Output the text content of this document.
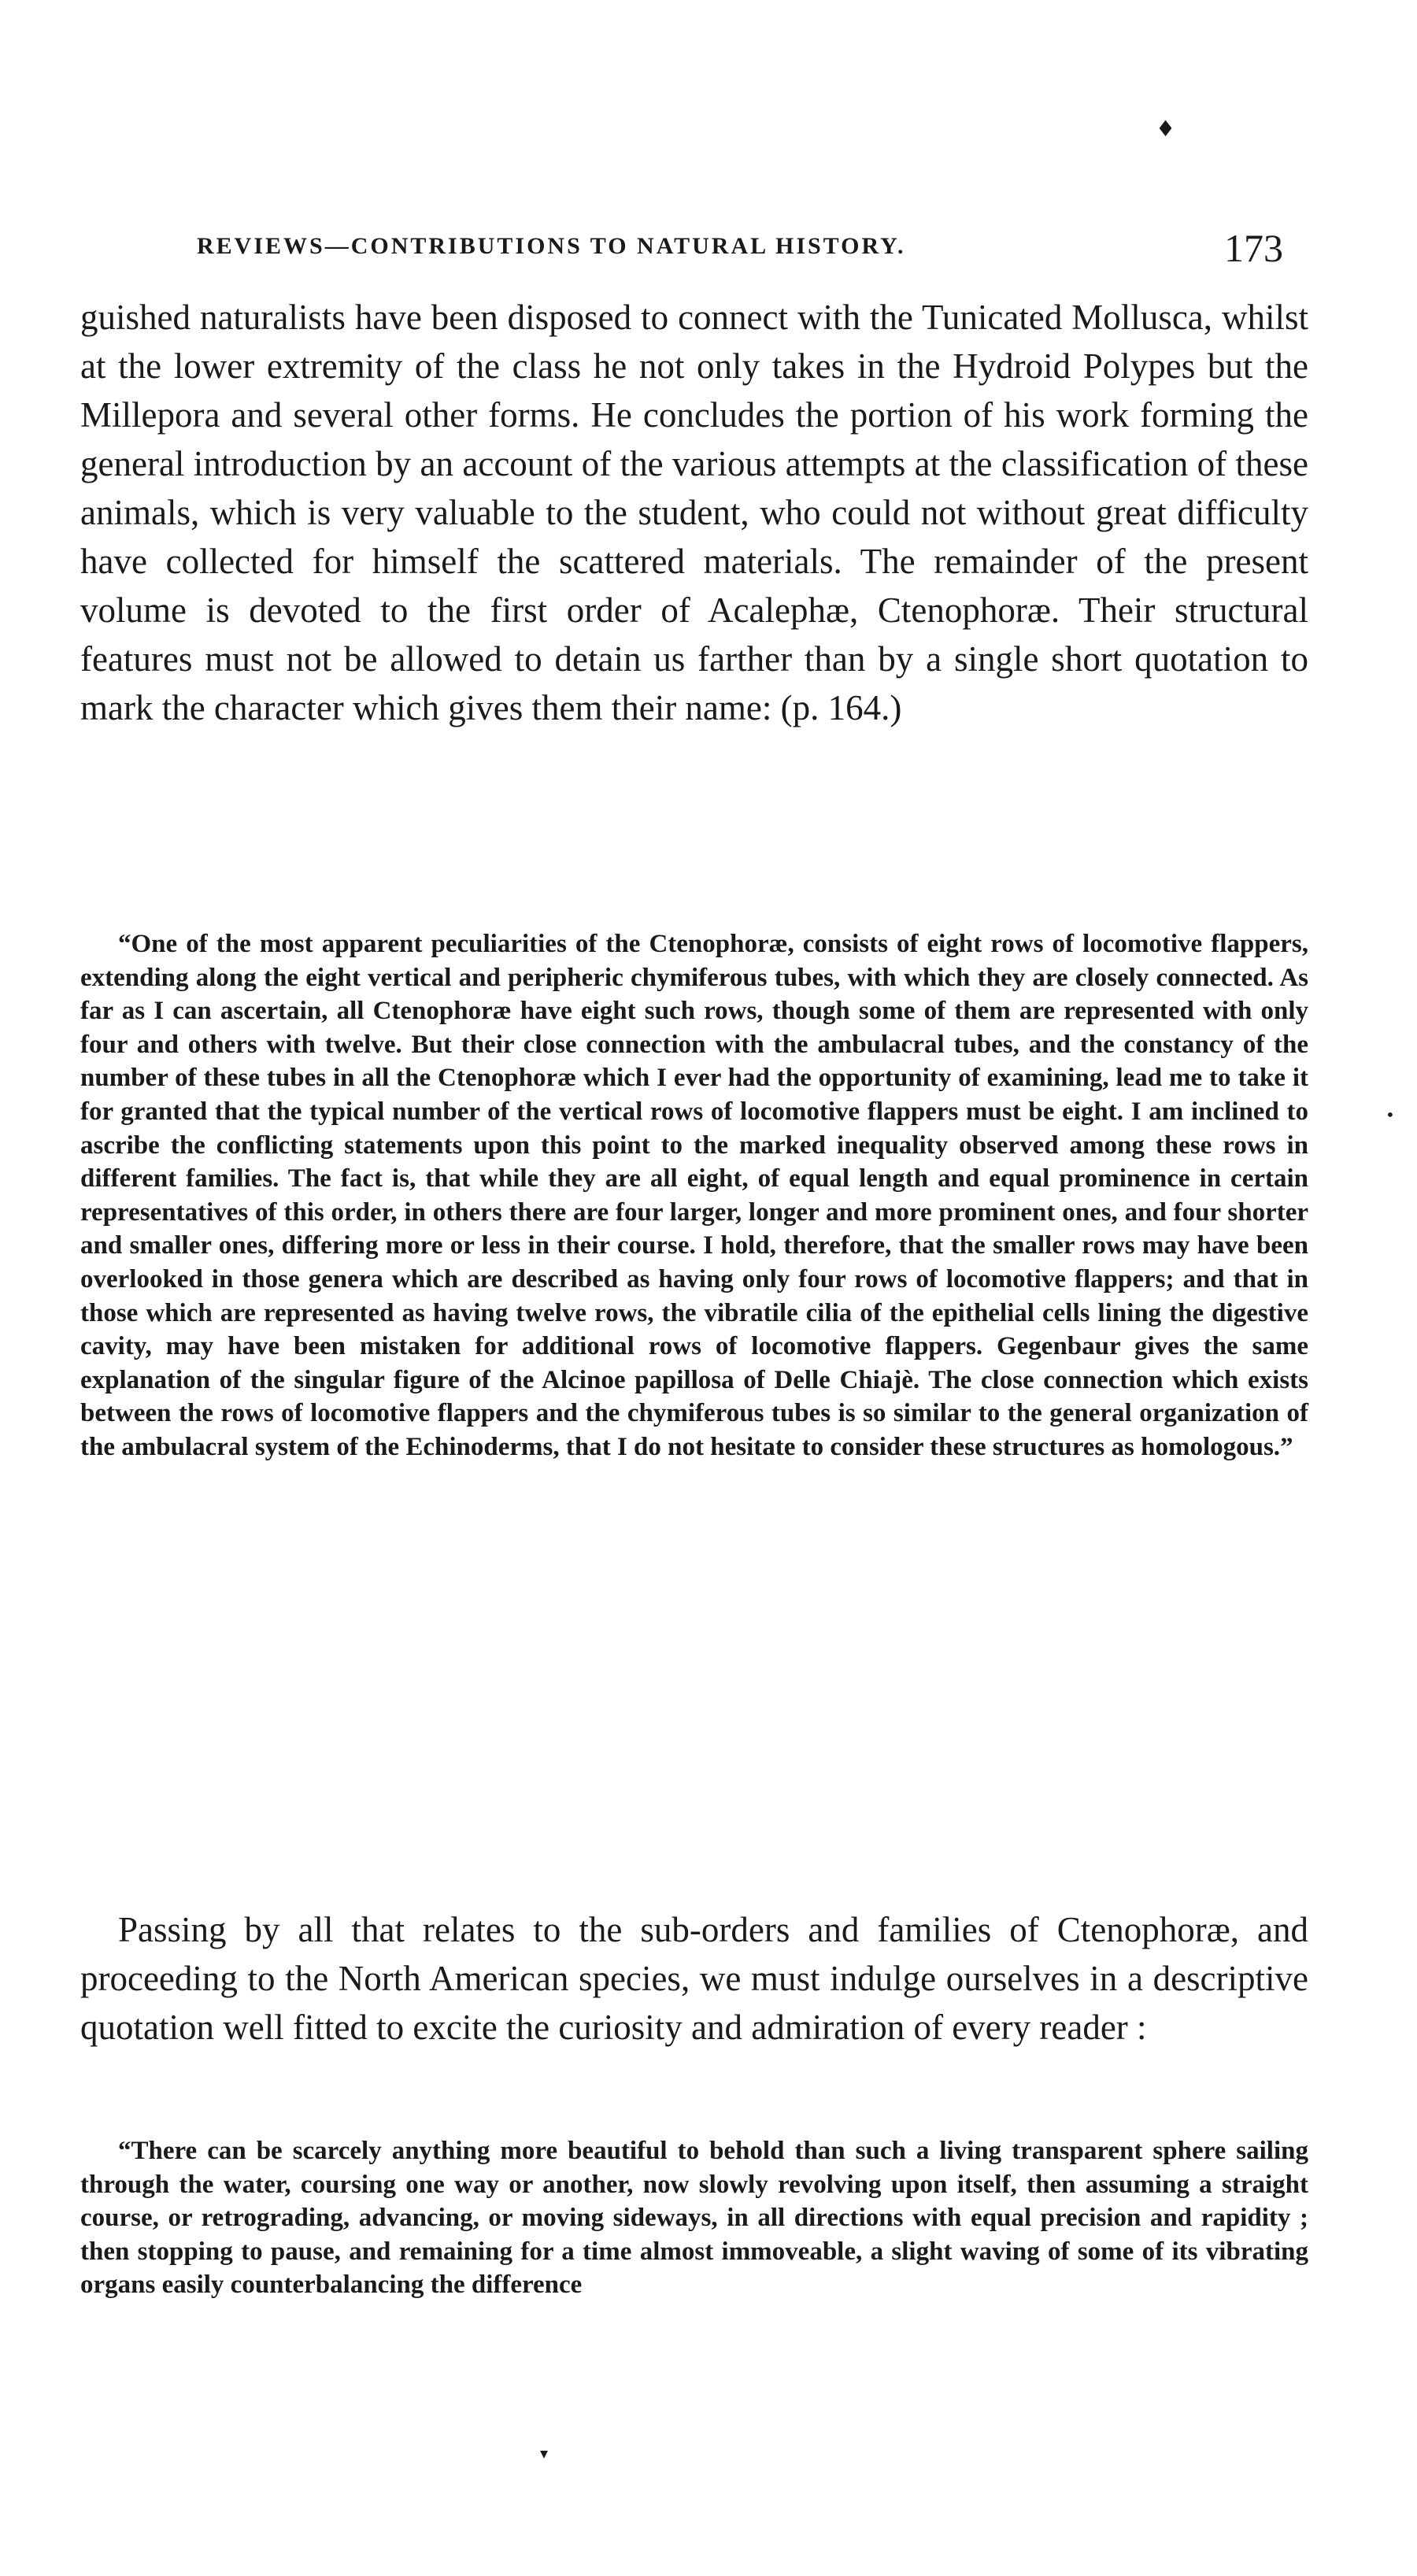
♦
REVIEWS—CONTRIBUTIONS TO NATURAL HISTORY.	173

guished naturalists have been disposed to connect with the Tunicated Mollusca, whilst at the lower extremity of the class he not only takes in the Hydroid Polypes but the Millepora and several other forms. He concludes the portion of his work forming the general introduction by an account of the various attempts at the classification of these animals, which is very valuable to the student, who could not without great difficulty have collected for himself the scattered materials. The remainder of the present volume is devoted to the first order of Acalephæ, Ctenophoræ. Their structural features must not be allowed to detain us farther than by a single short quotation to mark the character which gives them their name: (p. 164.)

“One of the most apparent peculiarities of the Ctenophoræ, consists of eight rows of locomotive flappers, extending along the eight vertical and peripheric chymiferous tubes, with which they are closely connected. As far as I can ascertain, all Ctenophoræ have eight such rows, though some of them are represented with only four and others with twelve. But their close connection with the ambulacral tubes, and the constancy of the number of these tubes in all the Ctenophoræ which I ever had the opportunity of examining, lead me to take it for granted that the typical number of the vertical rows of locomotive flappers must be eight. I am inclined to ascribe the conflicting statements upon this point to the marked inequality observed among these rows in different families. The fact is, that while they are all eight, of equal length and equal prominence in certain representatives of this order, in others there are four larger, longer and more prominent ones, and four shorter and smaller ones, differing more or less in their course. I hold, therefore, that the smaller rows may have been overlooked in those genera which are described as having only four rows of locomotive flappers; and that in those which are represented as having twelve rows, the vibratile cilia of the epithelial cells lining the digestive cavity, may have been mistaken for additional rows of locomotive flappers. Gegenbaur gives the same explanation of the singular figure of the Alcinoe papillosa of Delle Chiajè. The close connection which exists between the rows of locomotive flappers and the chymiferous tubes is so similar to the general organization of the ambulacral system of the Echinoderms, that I do not hesitate to consider these structures as homologous.”

Passing by all that relates to the sub-orders and families of Ctenophoræ, and proceeding to the North American species, we must indulge ourselves in a descriptive quotation well fitted to excite the curiosity and admiration of every reader :

“There can be scarcely anything more beautiful to behold than such a living transparent sphere sailing through the water, coursing one way or another, now slowly revolving upon itself, then assuming a straight course, or retrograding, advancing, or moving sideways, in all directions with equal precision and rapidity ; then stopping to pause, and remaining for a time almost immoveable, a slight waving of some of its vibrating organs easily counterbalancing the difference

•
▾
